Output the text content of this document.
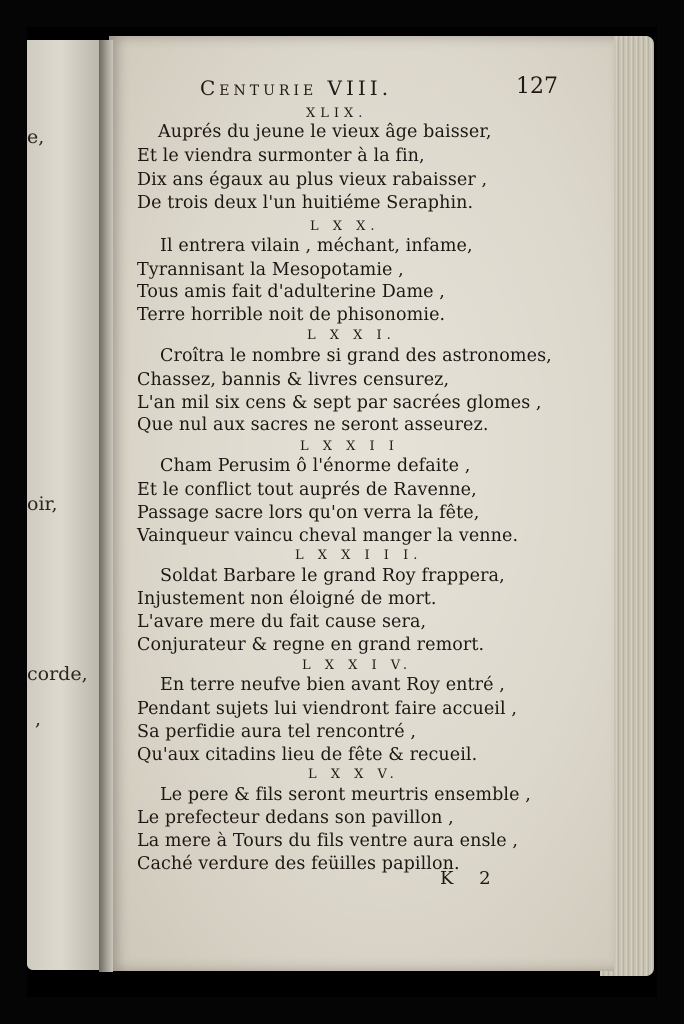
e,
oir,
corde,
,
Centurie VIII.	127
XLIX.
Auprés du jeune le vieux âge baisser,
Et le viendra surmonter à la fin,
Dix ans égaux au plus vieux rabaisser ,
De trois deux l'un huitiéme Seraphin.
L X X.
Il entrera vilain , méchant, infame,
Tyrannisant la Mesopotamie ,
Tous amis fait d'adulterine Dame ,
Terre horrible noit de phisonomie.
L X X I.
Croîtra le nombre si grand des astronomes,
Chassez, bannis & livres censurez,
L'an mil six cens & sept par sacrées glomes ,
Que nul aux sacres ne seront asseurez.
L X X I I
Cham Perusim ô l'énorme defaite ,
Et le conflict tout auprés de Ravenne,
Passage sacre lors qu'on verra la fête,
Vainqueur vaincu cheval manger la venne.
L X X I I I.
Soldat Barbare le grand Roy frappera,
Injustement non éloigné de mort.
L'avare mere du fait cause sera,
Conjurateur & regne en grand remort.
L X X I V.
En terre neufve bien avant Roy entré ,
Pendant sujets lui viendront faire accueil ,
Sa perfidie aura tel rencontré ,
Qu'aux citadins lieu de fête & recueil.
L X X V.
Le pere & fils seront meurtris ensemble ,
Le prefecteur dedans son pavillon ,
La mere à Tours du fils ventre aura ensle ,
Caché verdure des feüilles papillon.
K 2
